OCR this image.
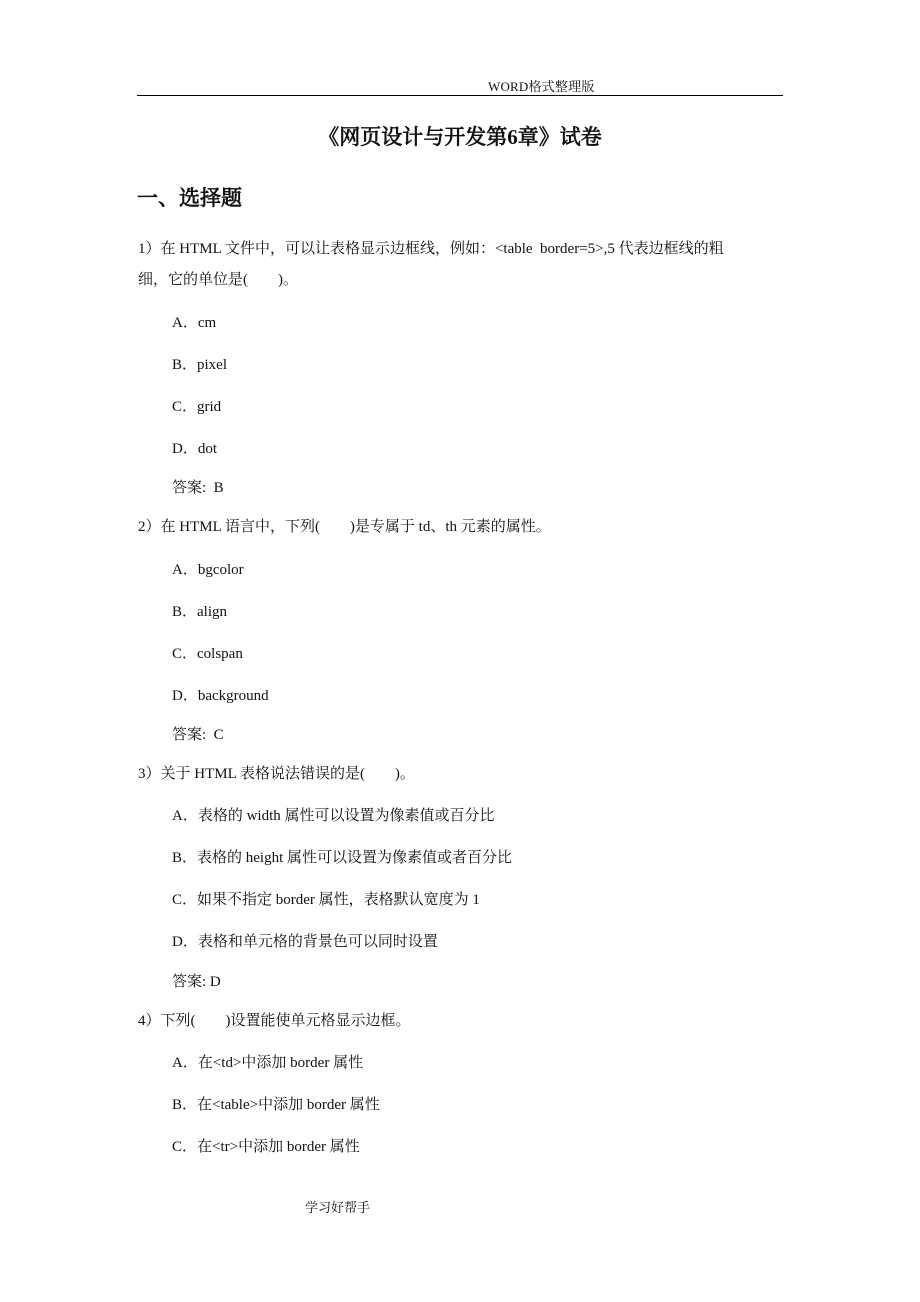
WORD格式整理版
《网页设计与开发第6章》试卷
一、选择题
1）在 HTML 文件中，可以让表格显示边框线，例如：<table  border=5>,5 代表边框线的粗
细，它的单位是(        )。
A．cm
B．pixel
C．grid
D．dot
答案:  B
2）在 HTML 语言中，下列(        )是专属于 td、th 元素的属性。
A．bgcolor
B．align
C．colspan
D．background
答案:  C
3）关于 HTML 表格说法错误的是(        )。
A．表格的 width 属性可以设置为像素值或百分比
B．表格的 height 属性可以设置为像素值或者百分比
C．如果不指定 border 属性，表格默认宽度为 1
D．表格和单元格的背景色可以同时设置
答案: D
4）下列(        )设置能使单元格显示边框。
A．在<td>中添加 border 属性
B．在<table>中添加 border 属性
C．在<tr>中添加 border 属性
学习好帮手
